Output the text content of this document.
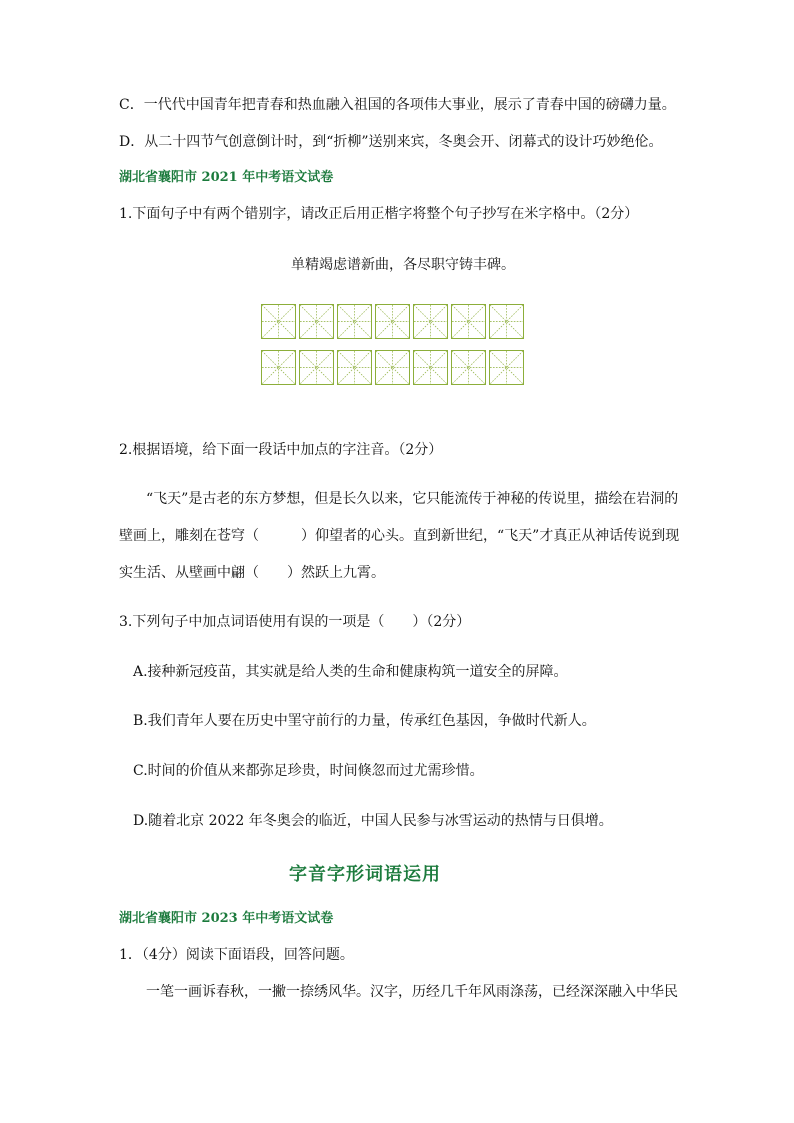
C．一代代中国青年把青春和热血融入祖国的各项伟大事业，展示了青春中国的磅礴力量。
D．从二十四节气创意倒计时，到“折柳”送别来宾，冬奥会开、闭幕式的设计巧妙绝伦。
湖北省襄阳市 2021 年中考语文试卷
1.下面句子中有两个错别字，请改正后用正楷字将整个句子抄写在米字格中。（2分）
单精竭虑谱新曲，各尽职守铸丰碑。
2.根据语境，给下面一段话中加点的字注音。（2分）
“飞天”是古老的东方梦想，但是长久以来，它只能流传于神秘的传说里，描绘在岩洞的
壁画上，雕刻在苍穹（　　　）仰望者的心头。直到新世纪，“飞天”才真正从神话传说到现
实生活、从壁画中翩（　　）然跃上九霄。
3.下列句子中加点词语使用有误的一项是（　　）（2分）
A.接种新冠疫苗，其实就是给人类的生命和健康构筑一道安全的屏障。
B.我们青年人要在历史中罣守前行的力量，传承红色基因，争做时代新人。
C.时间的价值从来都弥足珍贵，时间倏忽而过尤需珍惜。
D.随着北京 2022 年冬奥会的临近，中国人民参与冰雪运动的热情与日俱增。
字音字形词语运用
湖北省襄阳市 2023 年中考语文试卷
1．（4分）阅读下面语段，回答问题。
一笔一画诉春秋，一撇一捺绣风华。汉字，历经几千年风雨涤荡，已经深深融入中华民
